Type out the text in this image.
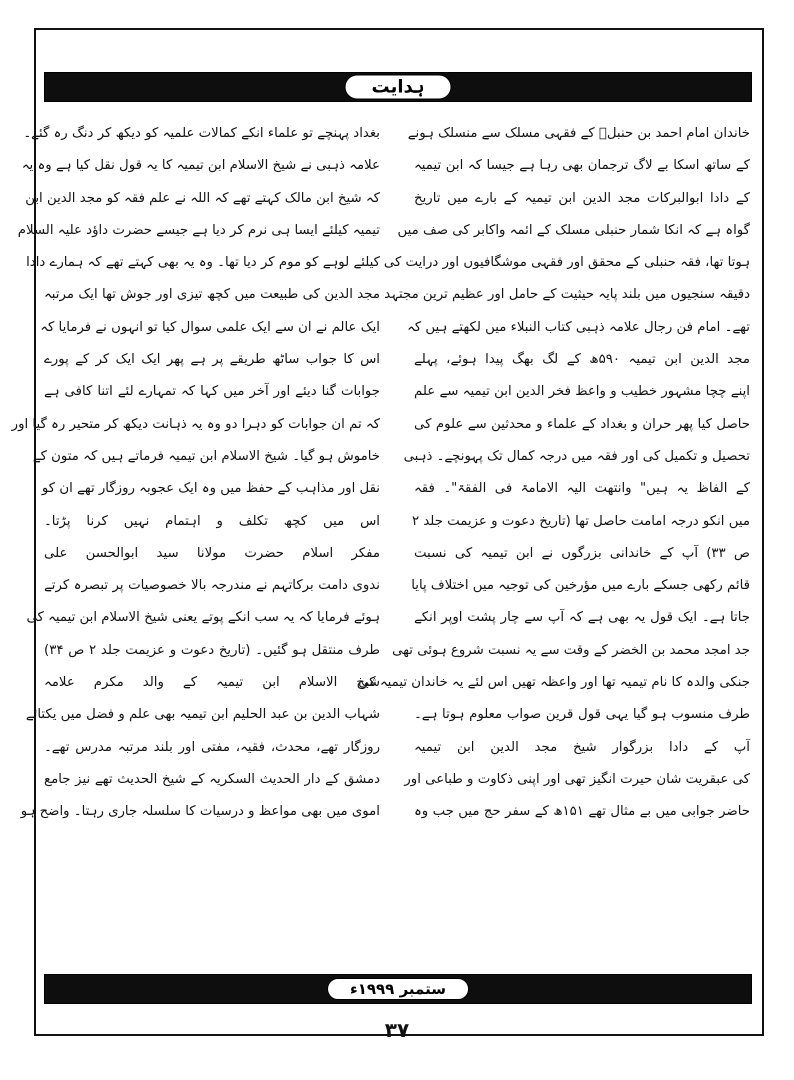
ہدایت
خاندان امام احمد بن حنبلؒ کے فقہی مسلک سے منسلک ہونے
کے ساتھ اسکا بے لاگ ترجمان بھی رہا ہے جیسا کہ ابن تیمیہ
کے دادا ابوالبرکات مجد الدین ابن تیمیہ کے بارے میں تاریخ
گواہ ہے کہ انکا شمار حنبلی مسلک کے ائمہ واکابر کی صف میں
ہوتا تھا، فقہ حنبلی کے محقق اور فقہی موشگافیوں اور درایت کی
دقیقہ سنجیوں میں بلند پایہ حیثیت کے حامل اور عظیم ترین مجتہد
تھے۔ امام فن رجال علامہ ذہبی کتاب النبلاء میں لکھتے ہیں کہ
مجد الدین ابن تیمیہ ۵۹۰ھ کے لگ بھگ پیدا ہوئے، پہلے
اپنے چچا مشہور خطیب و واعظ فخر الدین ابن تیمیہ سے علم
حاصل کیا پھر حران و بغداد کے علماء و محدثین سے علوم کی
تحصیل و تکمیل کی اور فقہ میں درجہ کمال تک پہونچے۔ ذہبی
کے الفاظ یہ ہیں" وانتھت الیہ الامامۃ فی الفقۃ"۔ فقہ
میں انکو درجہ امامت حاصل تھا (تاریخ دعوت و عزیمت جلد ۲
ص ۳۳) آپ کے خاندانی بزرگوں نے ابن تیمیہ کی نسبت
قائم رکھی جسکے بارے میں مؤرخین کی توجیہ میں اختلاف پایا
جاتا ہے۔ ایک قول یہ بھی ہے کہ آپ سے چار پشت اوپر انکے
جد امجد محمد بن الخضر کے وقت سے یہ نسبت شروع ہوئی تھی
جنکی والدہ کا نام تیمیہ تھا اور واعظہ تھیں اس لئے یہ خاندان تیمیہ کی
طرف منسوب ہو گیا یہی قول قرین صواب معلوم ہوتا ہے۔
آپ کے دادا بزرگوار شیخ مجد الدین ابن تیمیہ
کی عبقریت شان حیرت انگیز تھی اور اپنی ذکاوت و طباعی اور
حاضر جوابی میں بے مثال تھے ۱۵۱ھ کے سفر حج میں جب وہ
بغداد پہنچے تو علماء انکے کمالات علمیہ کو دیکھ کر دنگ رہ گئے۔
علامہ ذہبی نے شیخ الاسلام ابن تیمیہ کا یہ قول نقل کیا ہے وہ یہ
کہ شیخ ابن مالک کہتے تھے کہ اللہ نے علم فقہ کو مجد الدین ابن
تیمیہ کیلئے ایسا ہی نرم کر دیا ہے جیسے حضرت داؤد علیہ السلام
کیلئے لوہے کو موم کر دیا تھا۔ وہ یہ بھی کہتے تھے کہ ہمارے دادا
مجد الدین کی طبیعت میں کچھ تیزی اور جوش تھا ایک مرتبہ
ایک عالم نے ان سے ایک علمی سوال کیا تو انہوں نے فرمایا کہ
اس کا جواب ساٹھ طریقے پر ہے پھر ایک ایک کر کے پورے
جوابات گنا دیئے اور آخر میں کہا کہ تمہارے لئے اتنا کافی ہے
کہ تم ان جوابات کو دہرا دو وہ یہ ذہانت دیکھ کر متحیر رہ گیا اور
خاموش ہو گیا۔ شیخ الاسلام ابن تیمیہ فرماتے ہیں کہ متون کے
نقل اور مذاہب کے حفظ میں وہ ایک عجوبہ روزگار تھے ان کو
اس میں کچھ تکلف و اہتمام نہیں کرنا پڑتا۔
مفکر اسلام حضرت مولانا سید ابوالحسن علی
ندوی دامت برکاتہم نے مندرجہ بالا خصوصیات پر تبصرہ کرتے
ہوئے فرمایا کہ یہ سب انکے پوتے یعنی شیخ الاسلام ابن تیمیہ کی
طرف منتقل ہو گئیں۔ (تاریخ دعوت و عزیمت جلد ۲ ص ۳۴)
شیخ الاسلام ابن تیمیہ کے والد مکرم علامہ
شہاب الدین بن عبد الحلیم ابن تیمیہ بھی علم و فضل میں یکتائے
روزگار تھے، محدث، فقیہ، مفتی اور بلند مرتبہ مدرس تھے۔
دمشق کے دار الحدیث السکریہ کے شیخ الحدیث تھے نیز جامع
اموی میں بھی مواعظ و درسیات کا سلسلہ جاری رہتا۔ واضح ہو
ستمبر ۱۹۹۹ء
۳۷
